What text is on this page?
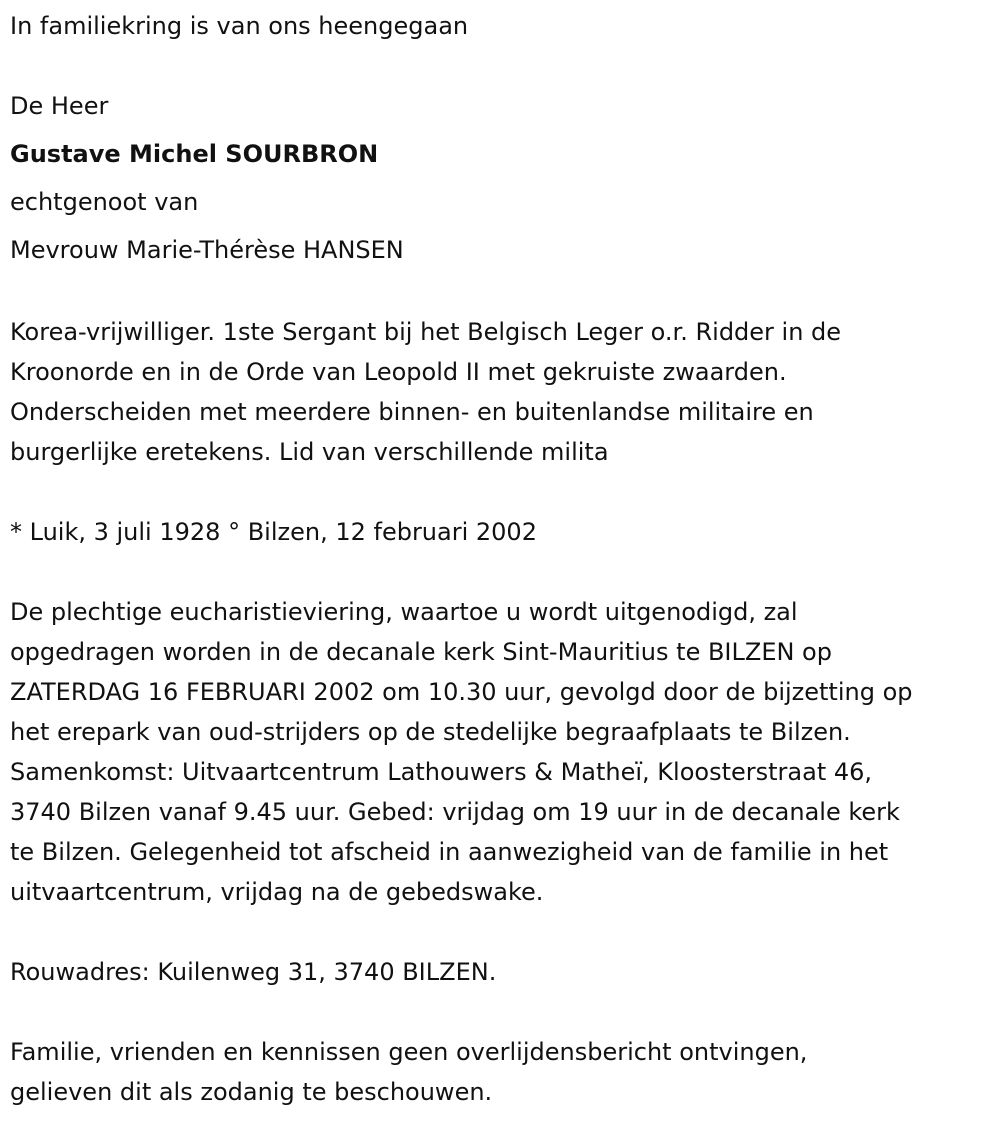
In familiekring is van ons heengegaan

De Heer

Gustave Michel SOURBRON

echtgenoot van

Mevrouw Marie-Thérèse HANSEN

Korea-vrijwilliger. 1ste Sergant bij het Belgisch Leger o.r. Ridder in de
Kroonorde en in de Orde van Leopold II met gekruiste zwaarden.
Onderscheiden met meerdere binnen- en buitenlandse militaire en
burgerlijke eretekens. Lid van verschillende milita

* Luik, 3 juli 1928 ° Bilzen, 12 februari 2002

De plechtige eucharistieviering, waartoe u wordt uitgenodigd, zal
opgedragen worden in de decanale kerk Sint-Mauritius te BILZEN op
ZATERDAG 16 FEBRUARI 2002 om 10.30 uur, gevolgd door de bijzetting op
het erepark van oud-strijders op de stedelijke begraafplaats te Bilzen.
Samenkomst: Uitvaartcentrum Lathouwers & Matheï, Kloosterstraat 46,
3740 Bilzen vanaf 9.45 uur. Gebed: vrijdag om 19 uur in de decanale kerk
te Bilzen. Gelegenheid tot afscheid in aanwezigheid van de familie in het
uitvaartcentrum, vrijdag na de gebedswake.

Rouwadres: Kuilenweg 31, 3740 BILZEN.

Familie, vrienden en kennissen geen overlijdensbericht ontvingen,
gelieven dit als zodanig te beschouwen.
